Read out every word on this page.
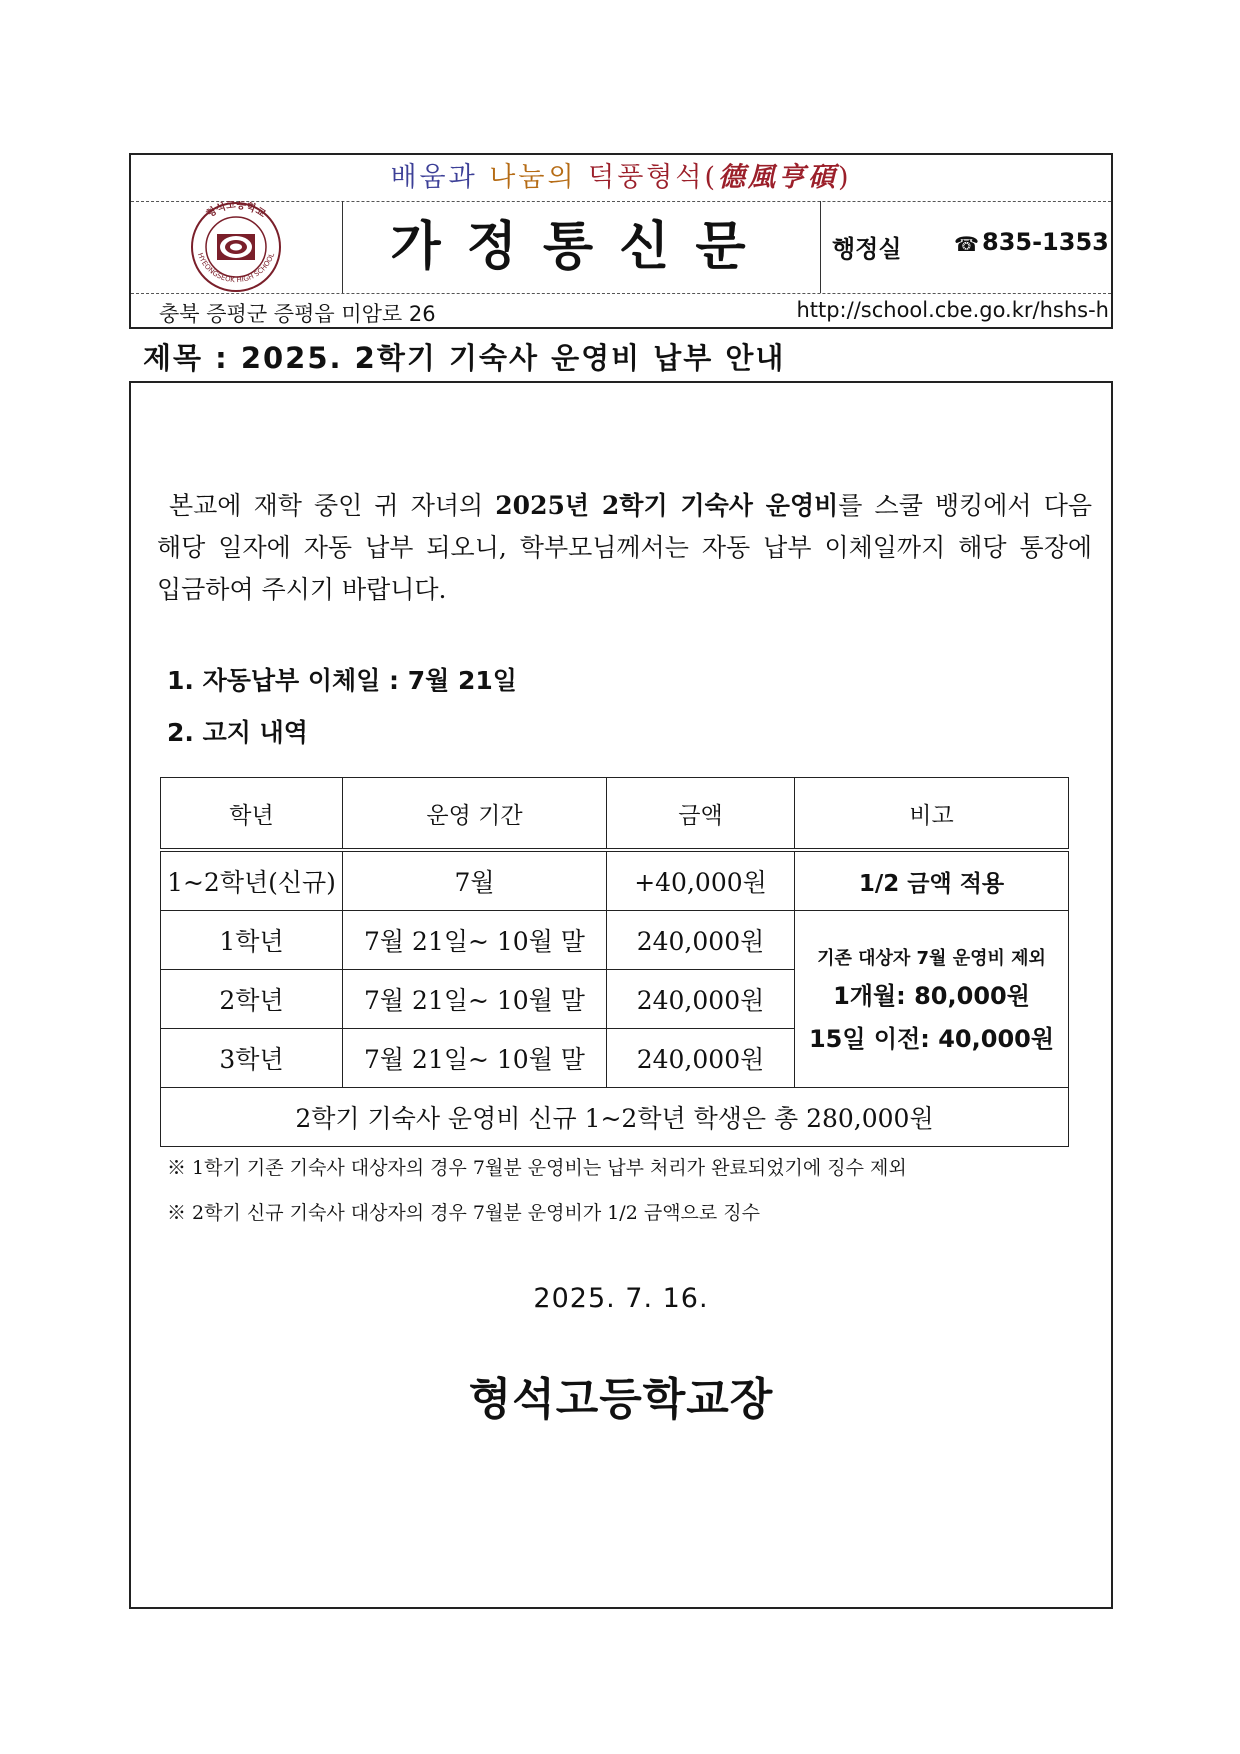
배움과 나눔의 덕풍형석(德風亨碩)
형석고등학교
HYEONGSEOK HIGH SCHOOL	가정통신문	행정실	☎ 835-1353
충북 증평군 증평읍 미암로 26	http://school.cbe.go.kr/hshs-h
제목 : 2025. 2학기 기숙사 운영비 납부 안내

본교에 재학 중인 귀 자녀의 2025년 2학기 기숙사 운영비를 스쿨 뱅킹에서 다음

해당 일자에 자동 납부 되오니, 학부모님께서는 자동 납부 이체일까지 해당 통장에

입금하여 주시기 바랍니다.

1. 자동납부 이체일 : 7월 21일
2. 고지 내역
학년	운영 기간	금액	비고
1~2학년(신규)	7월	+40,000원	1/2 금액 적용
1학년	7월 21일~ 10월 말	240,000원	기존 대상자 7월 운영비 제외
1개월: 80,000원
15일 이전: 40,000원

2학년	7월 21일~ 10월 말	240,000원	
3학년	7월 21일~ 10월 말	240,000원	
2학기 기숙사 운영비 신규 1~2학년 학생은 총 280,000원			
※ 1학기 기존 기숙사 대상자의 경우 7월분 운영비는 납부 처리가 완료되었기에 징수 제외
※ 2학기 신규 기숙사 대상자의 경우 7월분 운영비가 1/2 금액으로 징수
2025. 7. 16.
형석고등학교장
